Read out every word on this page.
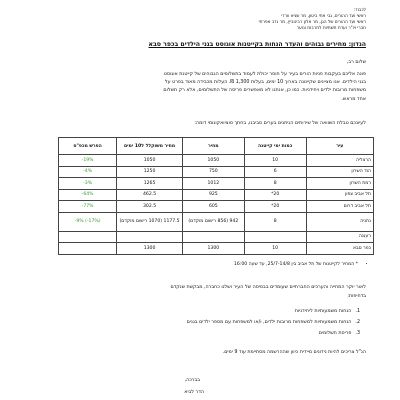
לכבוד:
ראשי ועד ההורים, גבי אתי ביטון, מר שגיא וורדי
ראשי ועד ההורים של הגן, מר אלון רבינוביץ, מר נדב אפרתי
חברי ויו"ר ועדת תשתיות לתרבות ונוער
הנדון: מחירים גבוהים והעדר הנחות בקייטנות אוגוסט בגני הילדים בכפר סבא
שלום רב,
פונה אליכם בעקבות פניות הורים בעיר על חוסר יכולת לעמוד בתשלומים הגבוהים של קייטנת אוגוסט
בגני הילדים. אנו מציינים שקייטנה בארוך 10 ימים, בעלות 1,300 ₪. העלות מכבידה מאוד בפרט על
משפחות מרובות ילדים ויחידניות. כמו כן, אנחנו לא מאפשרים פריסה של התשלומים, אלא רק תשלום
אחד מראש.
לעיונכם טבלת השוואה של שירותים הניתנים בערים סביבנו, בחתך סוציואקונומי דומה:
עיר	כמות ימי קייטנה	מחיר	מחיר משוקלל ל10 ימים	הפרש מכפ"ס
הרצליה	10	1050	1050	19%-
הוד השרון	6	750	1250	4%-
רמת השרון	8	1012	1265	3%-
תל אביב צפון	20*	925	462.5	64%-
תל אביב דרום	20*	605	302.5	77%-
נתניה	8	942 (856 רישום מוקדם)	1177.5 (1070 רישום מוקדם)	(17%-) 9%-
רעננה				
כפר סבא	10	1300	1300	
• * המחיר לקייטנות של תל אביב בין 25/7-14/8, עד שעה 16:00
לאור יוקר המחייה והערכים החברתיים שעומדים בבסיסה של העיר ושלנו כחברה, מבקשת שנקדם
בדחיפות:
1.הנחות משמעותיות ליחידניות
2.הנחות משמעותיות למשפחות מרובות ילדים, ו/או למשפחות עם מספר ילדים בגנים
3.פריסת תשלומים
הנ"ל צריכים להיות נידונים מיידית כיוון שההרשמה מסתיימת עוד 9 ימים.
בברכה,
הדר לביא
